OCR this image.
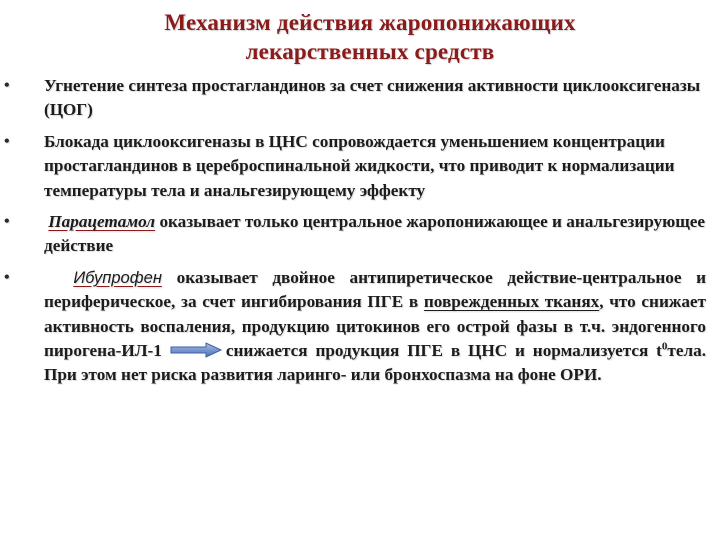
Механизм действия жаропонижающих
лекарственных средств
• Угнетение синтеза простагландинов за счет снижения активности циклооксигеназы (ЦОГ)

• Блокада циклооксигеназы в ЦНС сопровождается уменьшением концентрации простагландинов в цереброспинальной жидкости, что приводит к нормализации температуры тела и анальгезирующему эффекту

• Парацетамол оказывает только центральное жаропонижающее и анальгезирующее действие

•	Ибупрофен оказывает двойное антипиретическое действие-центральное и периферическое, за счет ингибирования ПГЕ в поврежденных тканях, что снижает активность воспаления, продукцию цитокинов его острой фазы в т.ч. эндогенного пирогена-ИЛ-1	снижается продукция ПГЕ в ЦНС и нормализуется $t^0тела$. При этом нет риска развития ларинго- или бронхоспазма на фоне ОРИ.
